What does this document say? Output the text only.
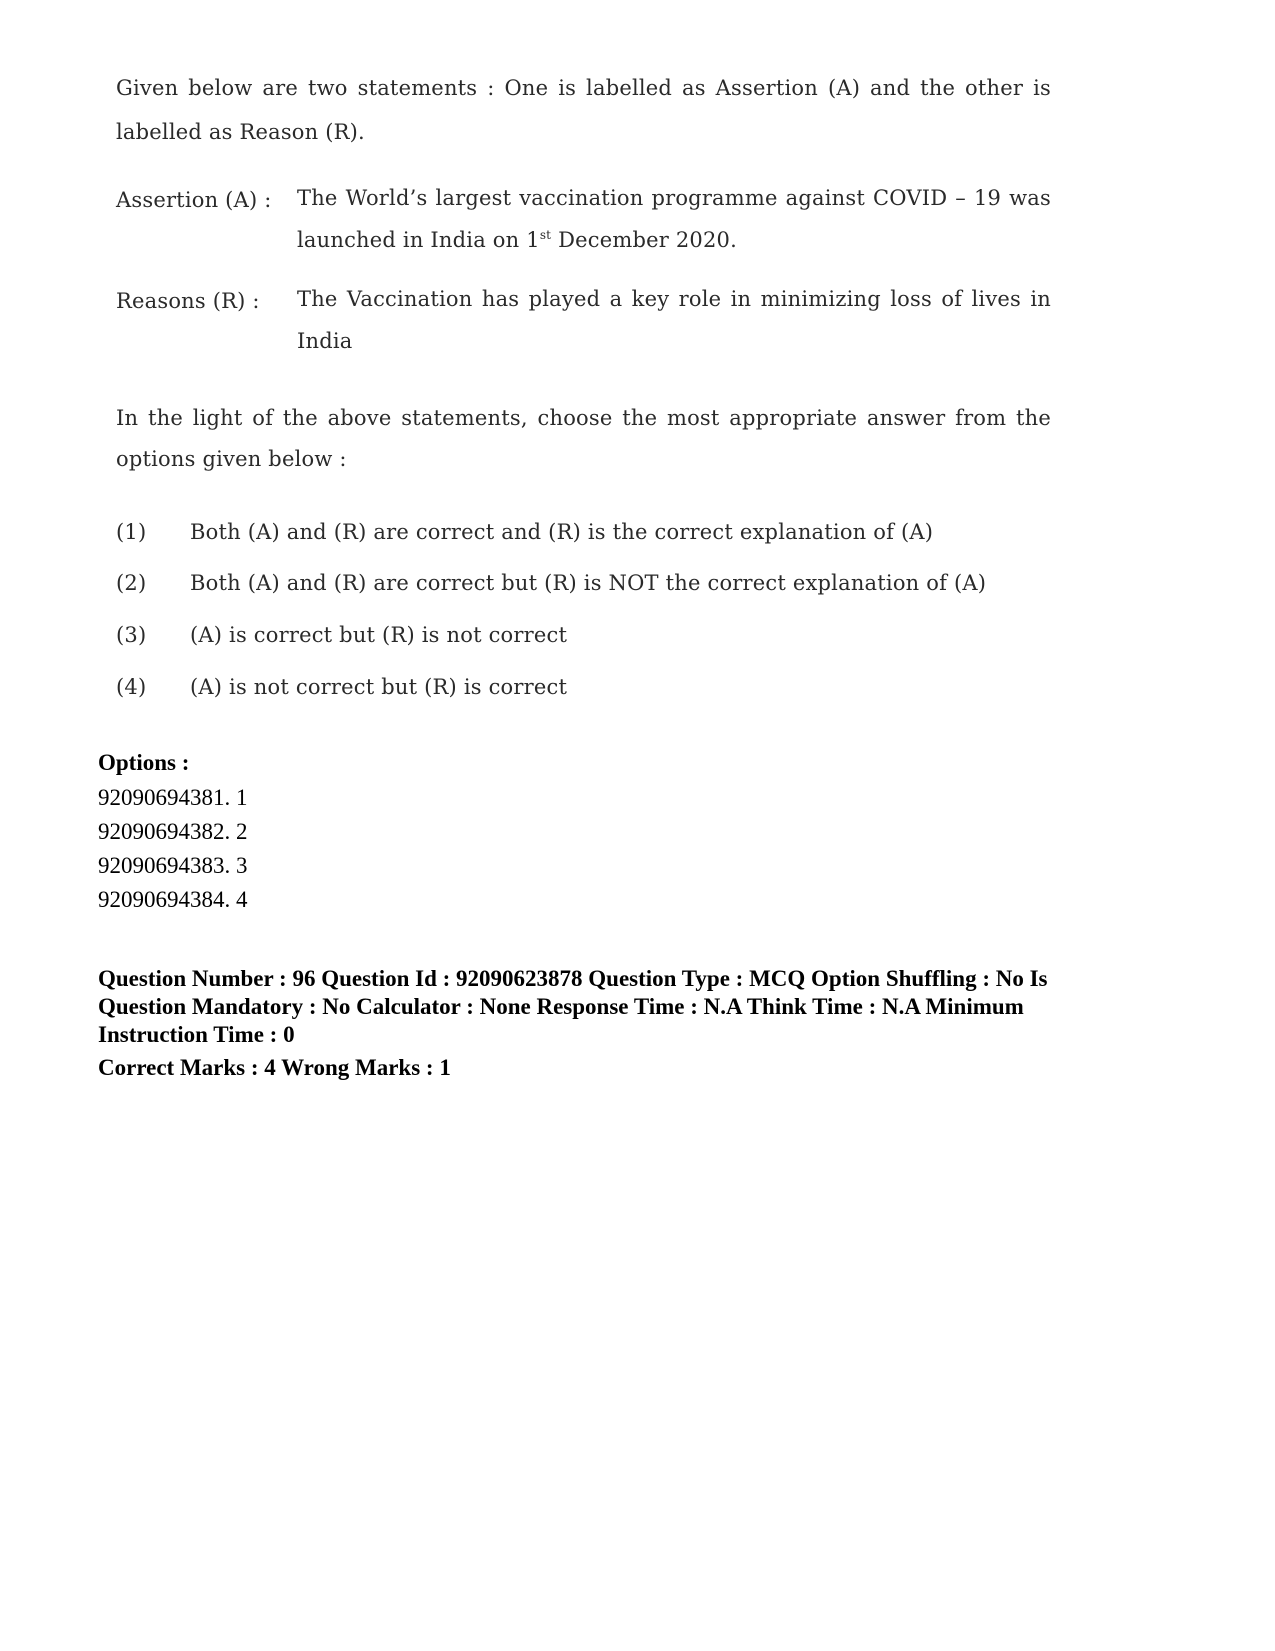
Given below are two statements : One is labelled as Assertion (A) and the other is
labelled as Reason (R).
Assertion (A) : The World’s largest vaccination programme against COVID – 19 was
launched in India on 1st December 2020.
Reasons (R) : The Vaccination has played a key role in minimizing loss of lives in
India
In the light of the above statements, choose the most appropriate answer from the
options given below :
(1) Both (A) and (R) are correct and (R) is the correct explanation of (A)
(2) Both (A) and (R) are correct but (R) is NOT the correct explanation of (A)
(3) (A) is correct but (R) is not correct
(4) (A) is not correct but (R) is correct
Options :
92090694381. 1
92090694382. 2
92090694383. 3
92090694384. 4
Question Number : 96 Question Id : 92090623878 Question Type : MCQ Option Shuffling : No Is
Question Mandatory : No Calculator : None Response Time : N.A Think Time : N.A Minimum
Instruction Time : 0
Correct Marks : 4 Wrong Marks : 1
